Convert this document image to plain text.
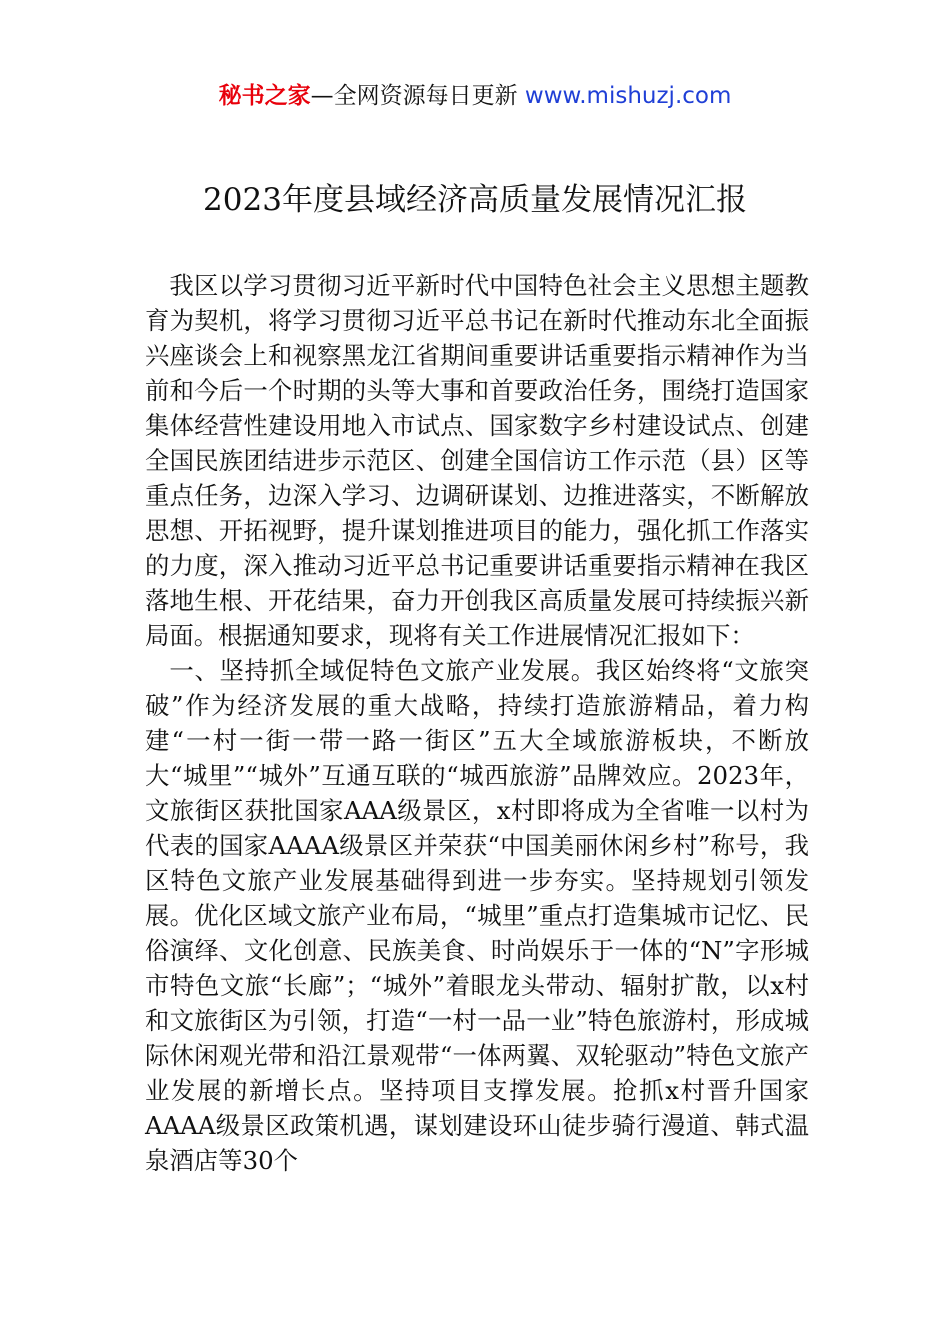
秘书之家—全网资源每日更新 www.mishuzj.com
2023年度县域经济高质量发展情况汇报

我区以学习贯彻习近平新时代中国特色社会主义思想主题教育为契机，将学习贯彻习近平总书记在新时代推动东北全面振兴座谈会上和视察黑龙江省期间重要讲话重要指示精神作为当前和今后一个时期的头等大事和首要政治任务，围绕打造国家集体经营性建设用地入市试点、国家数字乡村建设试点、创建全国民族团结进步示范区、创建全国信访工作示范（县）区等重点任务，边深入学习、边调研谋划、边推进落实，不断解放思想、开拓视野，提升谋划推进项目的能力，强化抓工作落实的力度，深入推动习近平总书记重要讲话重要指示精神在我区落地生根、开花结果，奋力开创我区高质量发展可持续振兴新局面。根据通知要求，现将有关工作进展情况汇报如下：

一、坚持抓全域促特色文旅产业发展。我区始终将“文旅突破”作为经济发展的重大战略，持续打造旅游精品，着力构建“一村一街一带一路一街区”五大全域旅游板块，不断放大“城里”“城外”互通互联的“城西旅游”品牌效应。2023年，文旅街区获批国家AAA级景区，x村即将成为全省唯一以村为代表的国家AAAA级景区并荣获“中国美丽休闲乡村”称号，我区特色文旅产业发展基础得到进一步夯实。坚持规划引领发展。优化区域文旅产业布局，“城里”重点打造集城市记忆、民俗演绎、文化创意、民族美食、时尚娱乐于一体的“N”字形城市特色文旅“长廊”；“城外”着眼龙头带动、辐射扩散，以x村和文旅街区为引领，打造“一村一品一业”特色旅游村，形成城际休闲观光带和沿江景观带“一体两翼、双轮驱动”特色文旅产业发展的新增长点。坚持项目支撑发展。抢抓x村晋升国家AAAA级景区政策机遇，谋划建设环山徒步骑行漫道、韩式温泉酒店等30个
